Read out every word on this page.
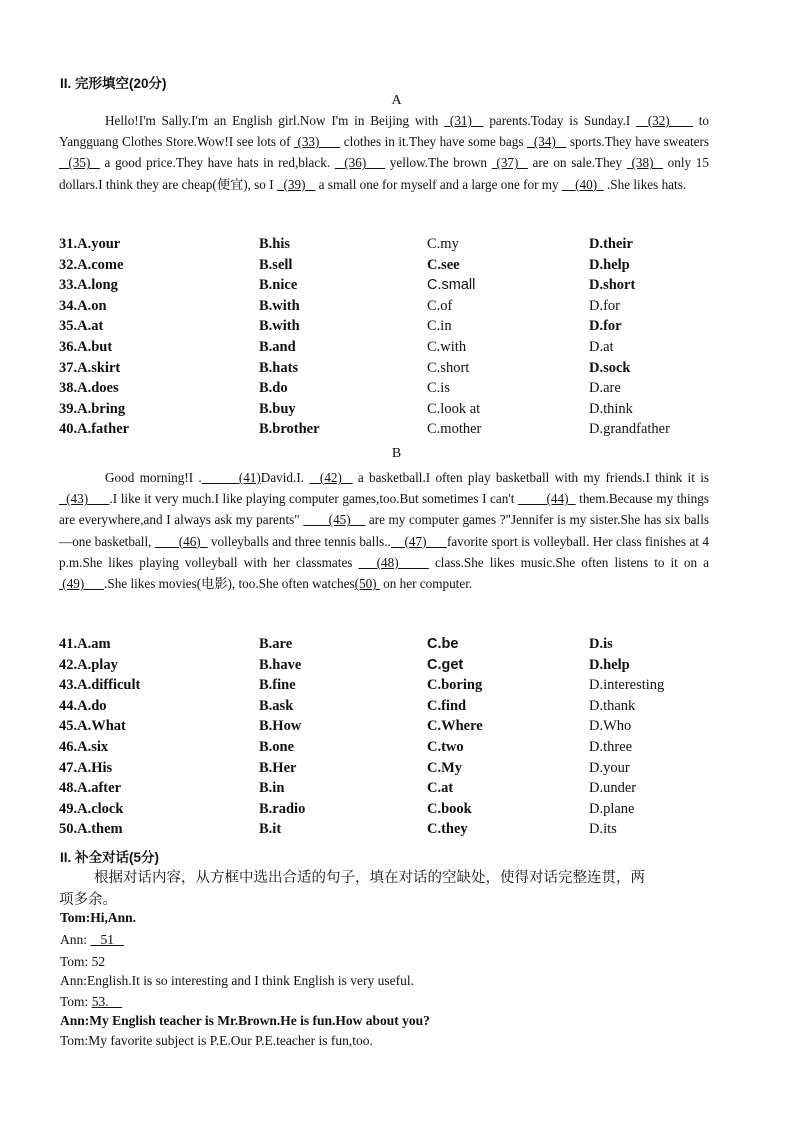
II. 完形填空(20分)
A
Hello!I'm Sally.I'm an English girl.Now I'm in Beijing with  (31)   parents.Today is Sunday.I   (32)     to Yangguang Clothes Store.Wow!I see lots of  (33)       clothes in it.They have some bags   (34)    sports.They have sweaters   (35)   a good price.They have hats in red,black.   (36)     yellow.The brown  (37)   are on sale.They  (38)   only 15 dollars.I think they are cheap(便宜), so I   (39)    a small one for myself and a large one for my _  (40)   .She likes hats.
31.A.your	B.his	C.my	D.their
32.A.come	B.sell	C.see	D.help
33.A.long	B.nice	C.small	D.short
34.A.on	B.with	C.of	D.for
35.A.at	B.with	C.in	D.for
36.A.but	B.and	C.with	D.at
37.A.skirt	B.hats	C.short	D.sock
38.A.does	B.do	C.is	D.are
39.A.bring	B.buy	C.look at	D.think
40.A.father	B.brother	C.mother	D.grandfather
B
Good morning!I .       (41)David.I.   (42)   a basketball.I often play basketball with my friends.I think it is   (43)      .I like it very much.I like playing computer games,too.But sometimes I can't         (44)   them.Because my things are everywhere,and I always ask my parents"        (45)     are my computer games ?"Jennifer is my sister.She has six balls —one basketball,        (46)   volleyballs and three tennis balls..    (47)      favorite sport is volleyball. Her class finishes at 4 p.m.She likes playing volleyball with her classmates    (48)      class.She likes music.She often listens to it on a  (49)      .She likes movies(电影), too.She often watches(50)  on her computer.
41.A.am	B.are	C.be	D.is
42.A.play	B.have	C.get	D.help
43.A.difficult	B.fine	C.boring	D.interesting
44.A.do	B.ask	C.find	D.thank
45.A.What	B.How	C.Where	D.Who
46.A.six	B.one	C.two	D.three
47.A.His	B.Her	C.My	D.your
48.A.after	B.in	C.at	D.under
49.A.clock	B.radio	C.book	D.plane
50.A.them	B.it	C.they	D.its
II. 补全对话(5分)
根据对话内容，从方框中选出合适的句子，填在对话的空缺处，使得对话完整连贯，两
项多余。
Tom:Hi,Ann.
Ann:    51
Tom: 52
Ann:English.It is so interesting and I think English is very useful.
Tom: 53.
Ann:My English teacher is Mr.Brown.He is fun.How about you?
Tom:My favorite subject is P.E.Our P.E.teacher is fun,too.
